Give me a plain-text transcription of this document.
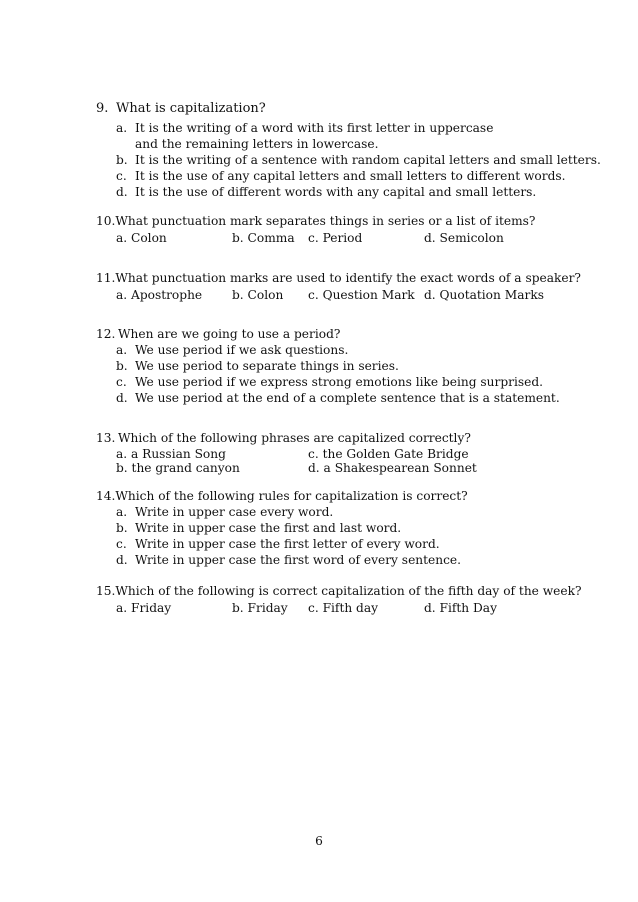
9. What is capitalization?
a. It is the writing of a word with its first letter in uppercase and the remaining letters in lowercase.
b. It is the writing of a sentence with random capital letters and small letters.
c. It is the use of any capital letters and small letters to different words.
d. It is the use of different words with any capital and small letters.
10. What punctuation mark separates things in series or a list of items?
a. Colon	b. Comma c. Period	d. Semicolon
11. What punctuation marks are used to identify the exact words of a speaker?
a. Apostrophe b. Colon c. Question Mark d. Quotation Marks
12. When are we going to use a period?
a. We use period if we ask questions.
b. We use period to separate things in series.
c. We use period if we express strong emotions like being surprised.
d. We use period at the end of a complete sentence that is a statement.
13. Which of the following phrases are capitalized correctly?
a. a Russian Song	c. the Golden Gate Bridge
b. the grand canyon	d. a Shakespearean Sonnet
14. Which of the following rules for capitalization is correct?
a. Write in upper case every word.
b. Write in upper case the first and last word.
c. Write in upper case the first letter of every word.
d. Write in upper case the first word of every sentence.
15. Which of the following is correct capitalization of the fifth day of the week?
a. Friday	b. Friday c. Fifth day	d. Fifth Day
6
